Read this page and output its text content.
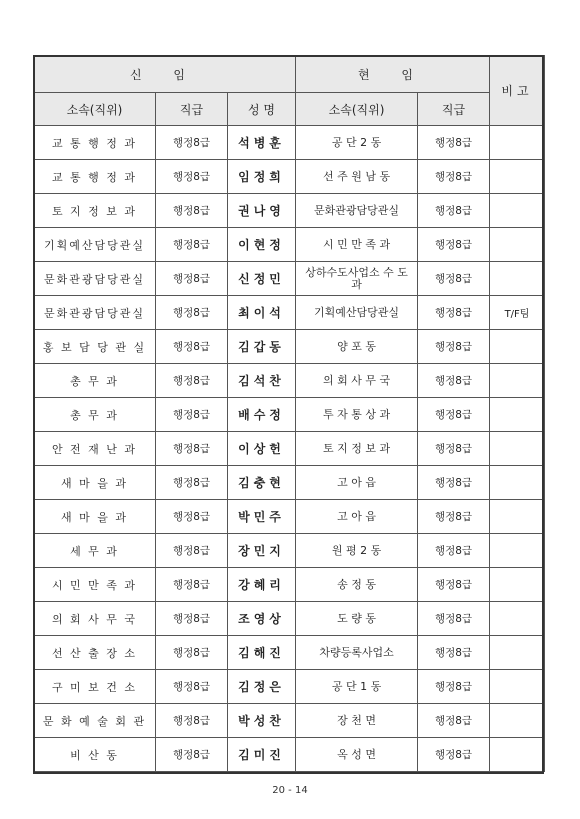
신 임			현 임		비고
소속(직위)	직급	성 명	소속(직위)	직급	
교 통 행 정 과	행정8급	석병훈	공 단 2 동	행정8급	
교 통 행 정 과	행정8급	임정희	선 주 원 남 동	행정8급	
토 지 정 보 과	행정8급	권나영	문화관광담당관실	행정8급	
기획예산담당관실	행정8급	이현정	시 민 만 족 과	행정8급	
문화관광담당관실	행정8급	신정민	상하수도사업소 수 도 과	행정8급	
문화관광담당관실	행정8급	최이석	기획예산담당관실	행정8급	T/F팀
홍 보 담 당 관 실	행정8급	김갑동	양 포 동	행정8급	
총 무 과	행정8급	김석찬	의 회 사 무 국	행정8급	
총 무 과	행정8급	배수정	투 자 통 상 과	행정8급	
안 전 재 난 과	행정8급	이상헌	토 지 정 보 과	행정8급	
새 마 을 과	행정8급	김충현	고 아 읍	행정8급	
새 마 을 과	행정8급	박민주	고 아 읍	행정8급	
세 무 과	행정8급	장민지	원 평 2 동	행정8급	
시 민 만 족 과	행정8급	강혜리	송 정 동	행정8급	
의 회 사 무 국	행정8급	조영상	도 량 동	행정8급	
선 산 출 장 소	행정8급	김해진	차량등록사업소	행정8급	
구 미 보 건 소	행정8급	김정은	공 단 1 동	행정8급	
문 화 예 술 회 관	행정8급	박성찬	장 천 면	행정8급	
비 산 동	행정8급	김미진	옥 성 면	행정8급	
20 - 14
